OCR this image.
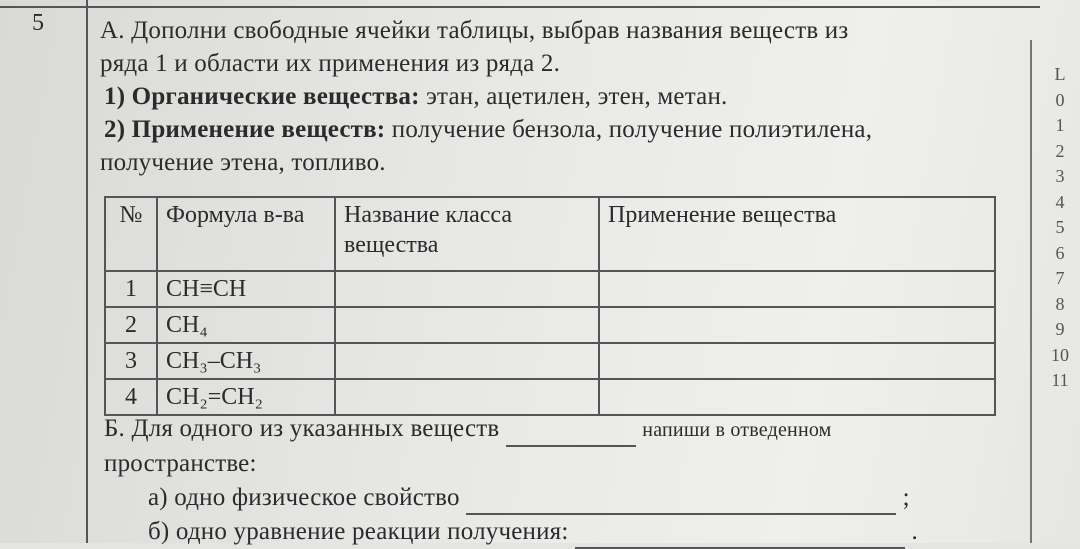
5 А. Дополни свободные ячейки таблицы, выбрав названия веществ из
ряда 1 и области их применения из ряда 2.
1) Органические вещества: этан, ацетилен, этен, метан.
2) Применение веществ: получение бензола, получение полиэтилена,
получение этена, топливо.
№	Формула в-ва	Название класса вещества	Применение вещества
1	CH≡CH		
2	CH₄		
3	CH₃–CH₃		
4	CH₂=CH₂		
Б. Для одного из указанных веществ	напиши в отведенном
пространстве:
а) одно физическое свойство	;
б) одно уравнение реакции получения:	.
L
0
1
2
3
4
5
6
7
8
9
10
11
